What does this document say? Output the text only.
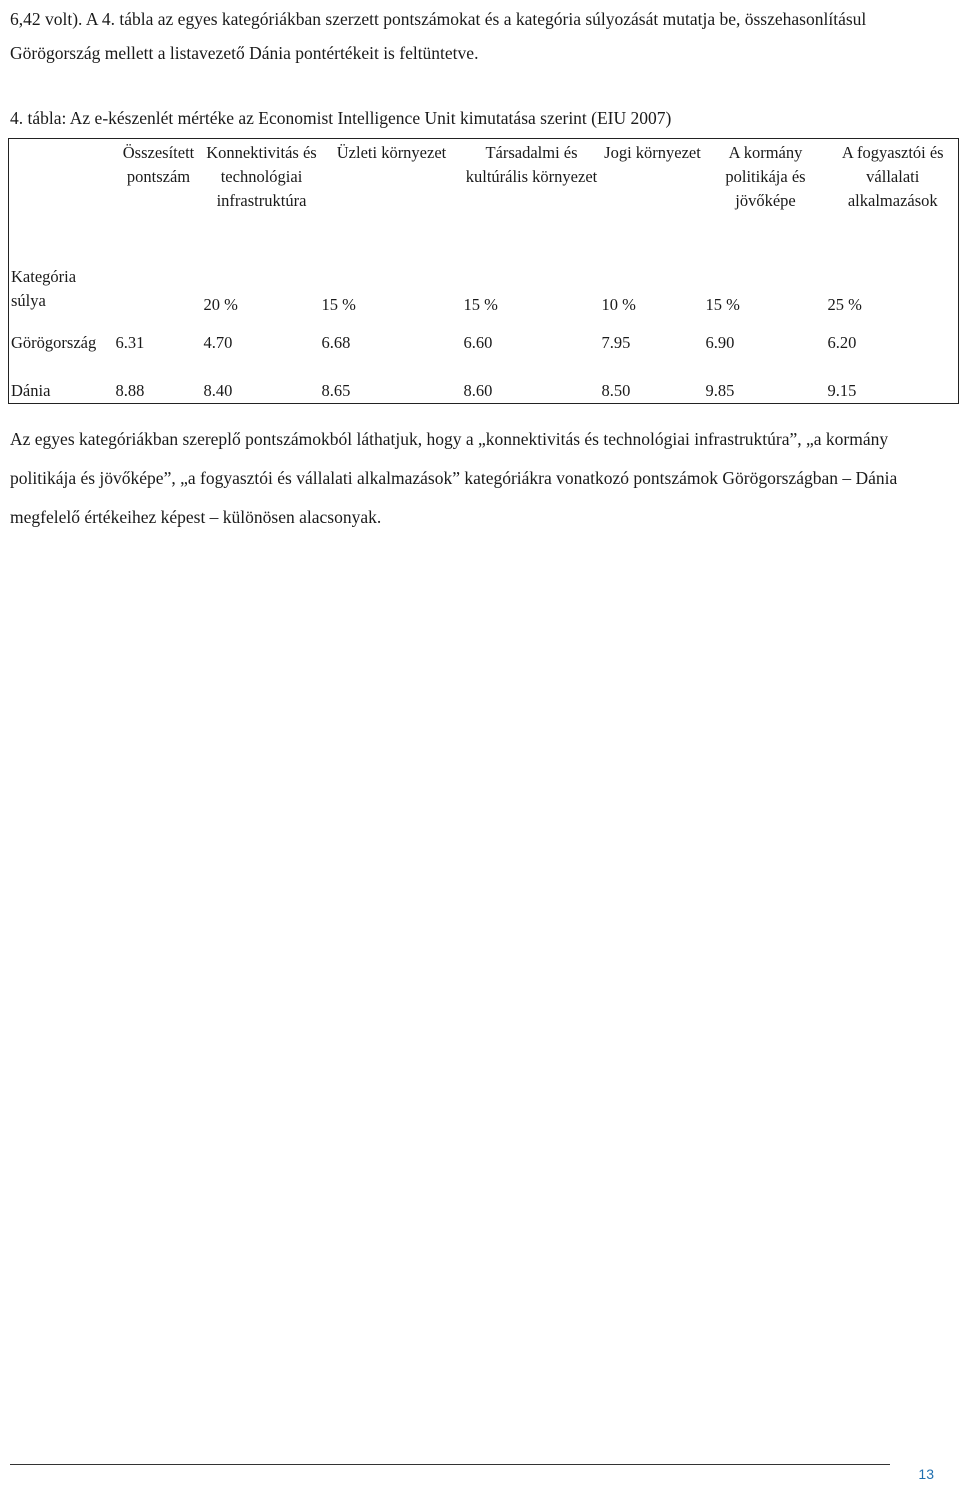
6,42 volt). A 4. tábla az egyes kategóriákban szerzett pontszámokat és a kategória súlyozását mutatja be, összehasonlításul Görögország mellett a listavezető Dánia pontértékeit is feltüntetve.

4. tábla: Az e-készenlét mértéke az Economist Intelligence Unit kimutatása szerint (EIU 2007)

	Összesített pontszám	Konnektivitás és technológiai infrastruktúra	Üzleti környezet	Társadalmi és kultúrális környezet	Jogi környezet	A kormány politikája és jövőképe	A fogyasztói és vállalati alkalmazások
Kategória súlya		20 %	15 %	15 %	10 %	15 %	25 %
Görögország	6.31	4.70	6.68	6.60	7.95	6.90	6.20
Dánia	8.88	8.40	8.65	8.60	8.50	9.85	9.15

Az egyes kategóriákban szereplő pontszámokból láthatjuk, hogy a „konnektivitás és technológiai infrastruktúra”, „a kormány politikája és jövőképe”, „a fogyasztói és vállalati alkalmazások” kategóriákra vonatkozó pontszámok Görögországban – Dánia megfelelő értékeihez képest – különösen alacsonyak.

13
